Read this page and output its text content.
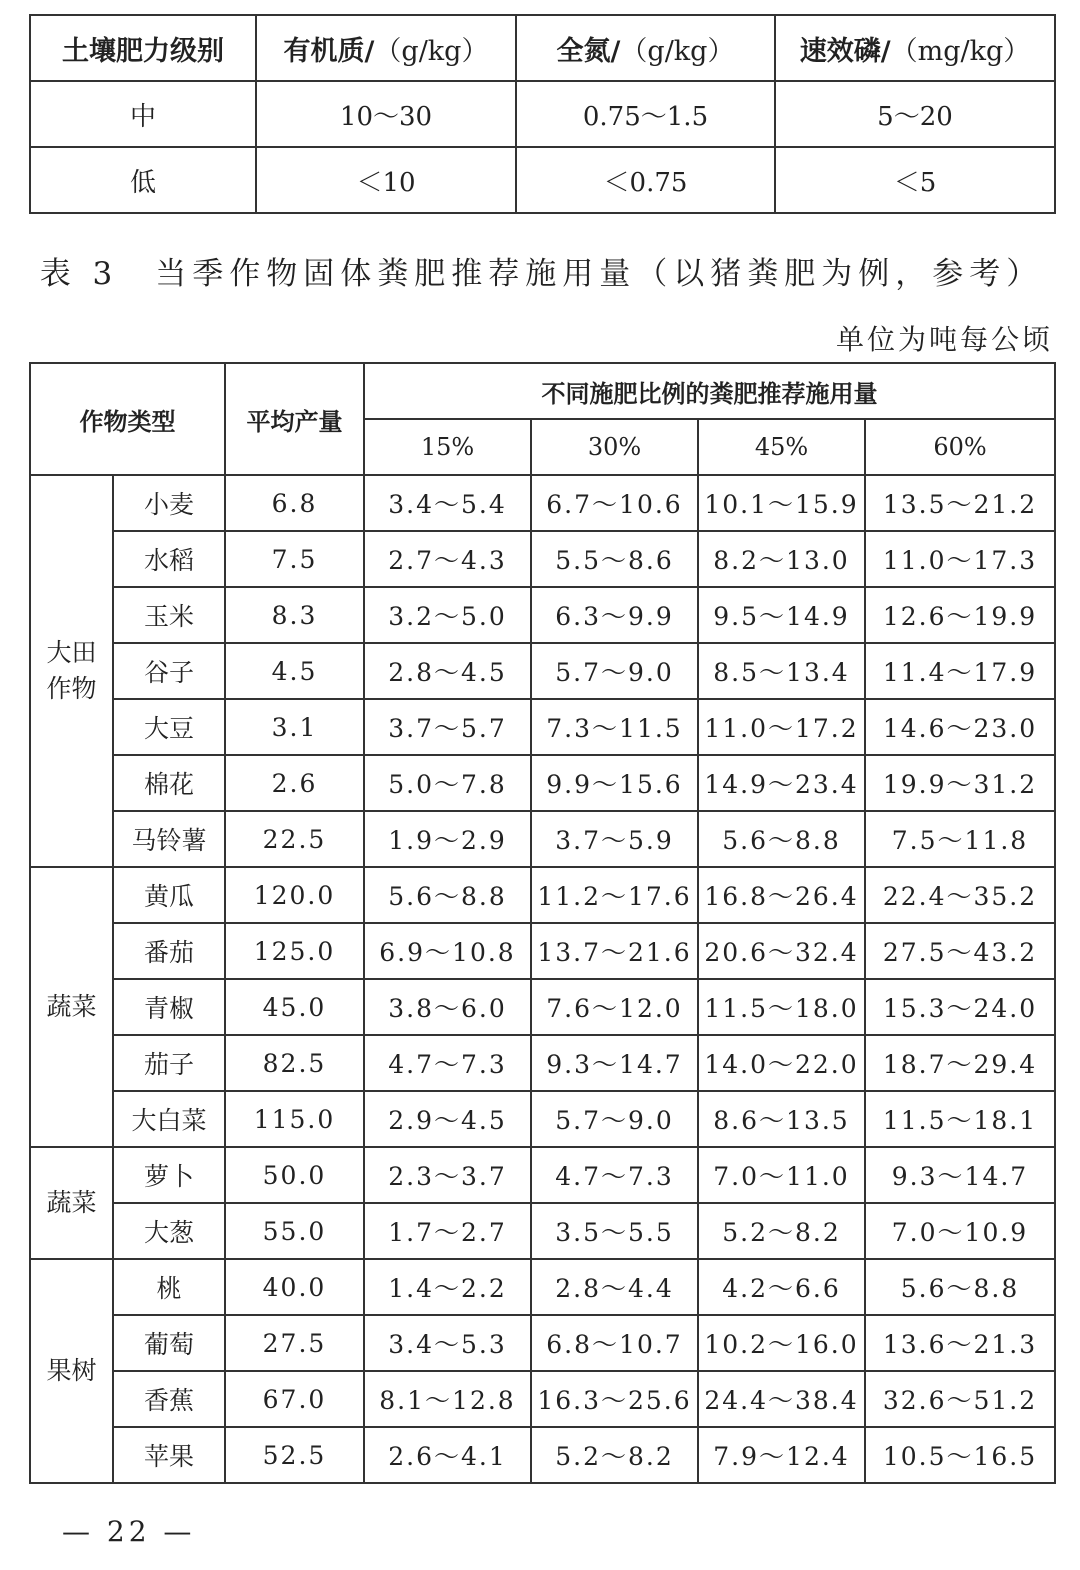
土壤肥力级别	有机质/（g/kg）	全氮/（g/kg）	速效磷/（mg/kg）
中	10～30	0.75～1.5	5～20
低	＜10	＜0.75	＜5
表 3　当季作物固体粪肥推荐施用量（以猪粪肥为例，参考）
单位为吨每公顷
作物类型		平均产量	不同施肥比例的粪肥推荐施用量			
			15%	30%	45%	60%
大田
作物	小麦	6.8	3.4～5.4	6.7～10.6	10.1～15.9	13.5～21.2
	水稻	7.5	2.7～4.3	5.5～8.6	8.2～13.0	11.0～17.3
	玉米	8.3	3.2～5.0	6.3～9.9	9.5～14.9	12.6～19.9
	谷子	4.5	2.8～4.5	5.7～9.0	8.5～13.4	11.4～17.9
	大豆	3.1	3.7～5.7	7.3～11.5	11.0～17.2	14.6～23.0
	棉花	2.6	5.0～7.8	9.9～15.6	14.9～23.4	19.9～31.2
	马铃薯	22.5	1.9～2.9	3.7～5.9	5.6～8.8	7.5～11.8
蔬菜	黄瓜	120.0	5.6～8.8	11.2～17.6	16.8～26.4	22.4～35.2
	番茄	125.0	6.9～10.8	13.7～21.6	20.6～32.4	27.5～43.2
	青椒	45.0	3.8～6.0	7.6～12.0	11.5～18.0	15.3～24.0
	茄子	82.5	4.7～7.3	9.3～14.7	14.0～22.0	18.7～29.4
	大白菜	115.0	2.9～4.5	5.7～9.0	8.6～13.5	11.5～18.1
蔬菜	萝卜	50.0	2.3～3.7	4.7～7.3	7.0～11.0	9.3～14.7
	大葱	55.0	1.7～2.7	3.5～5.5	5.2～8.2	7.0～10.9
果树	桃	40.0	1.4～2.2	2.8～4.4	4.2～6.6	5.6～8.8
	葡萄	27.5	3.4～5.3	6.8～10.7	10.2～16.0	13.6～21.3
	香蕉	67.0	8.1～12.8	16.3～25.6	24.4～38.4	32.6～51.2
	苹果	52.5	2.6～4.1	5.2～8.2	7.9～12.4	10.5～16.5
— 22 —
